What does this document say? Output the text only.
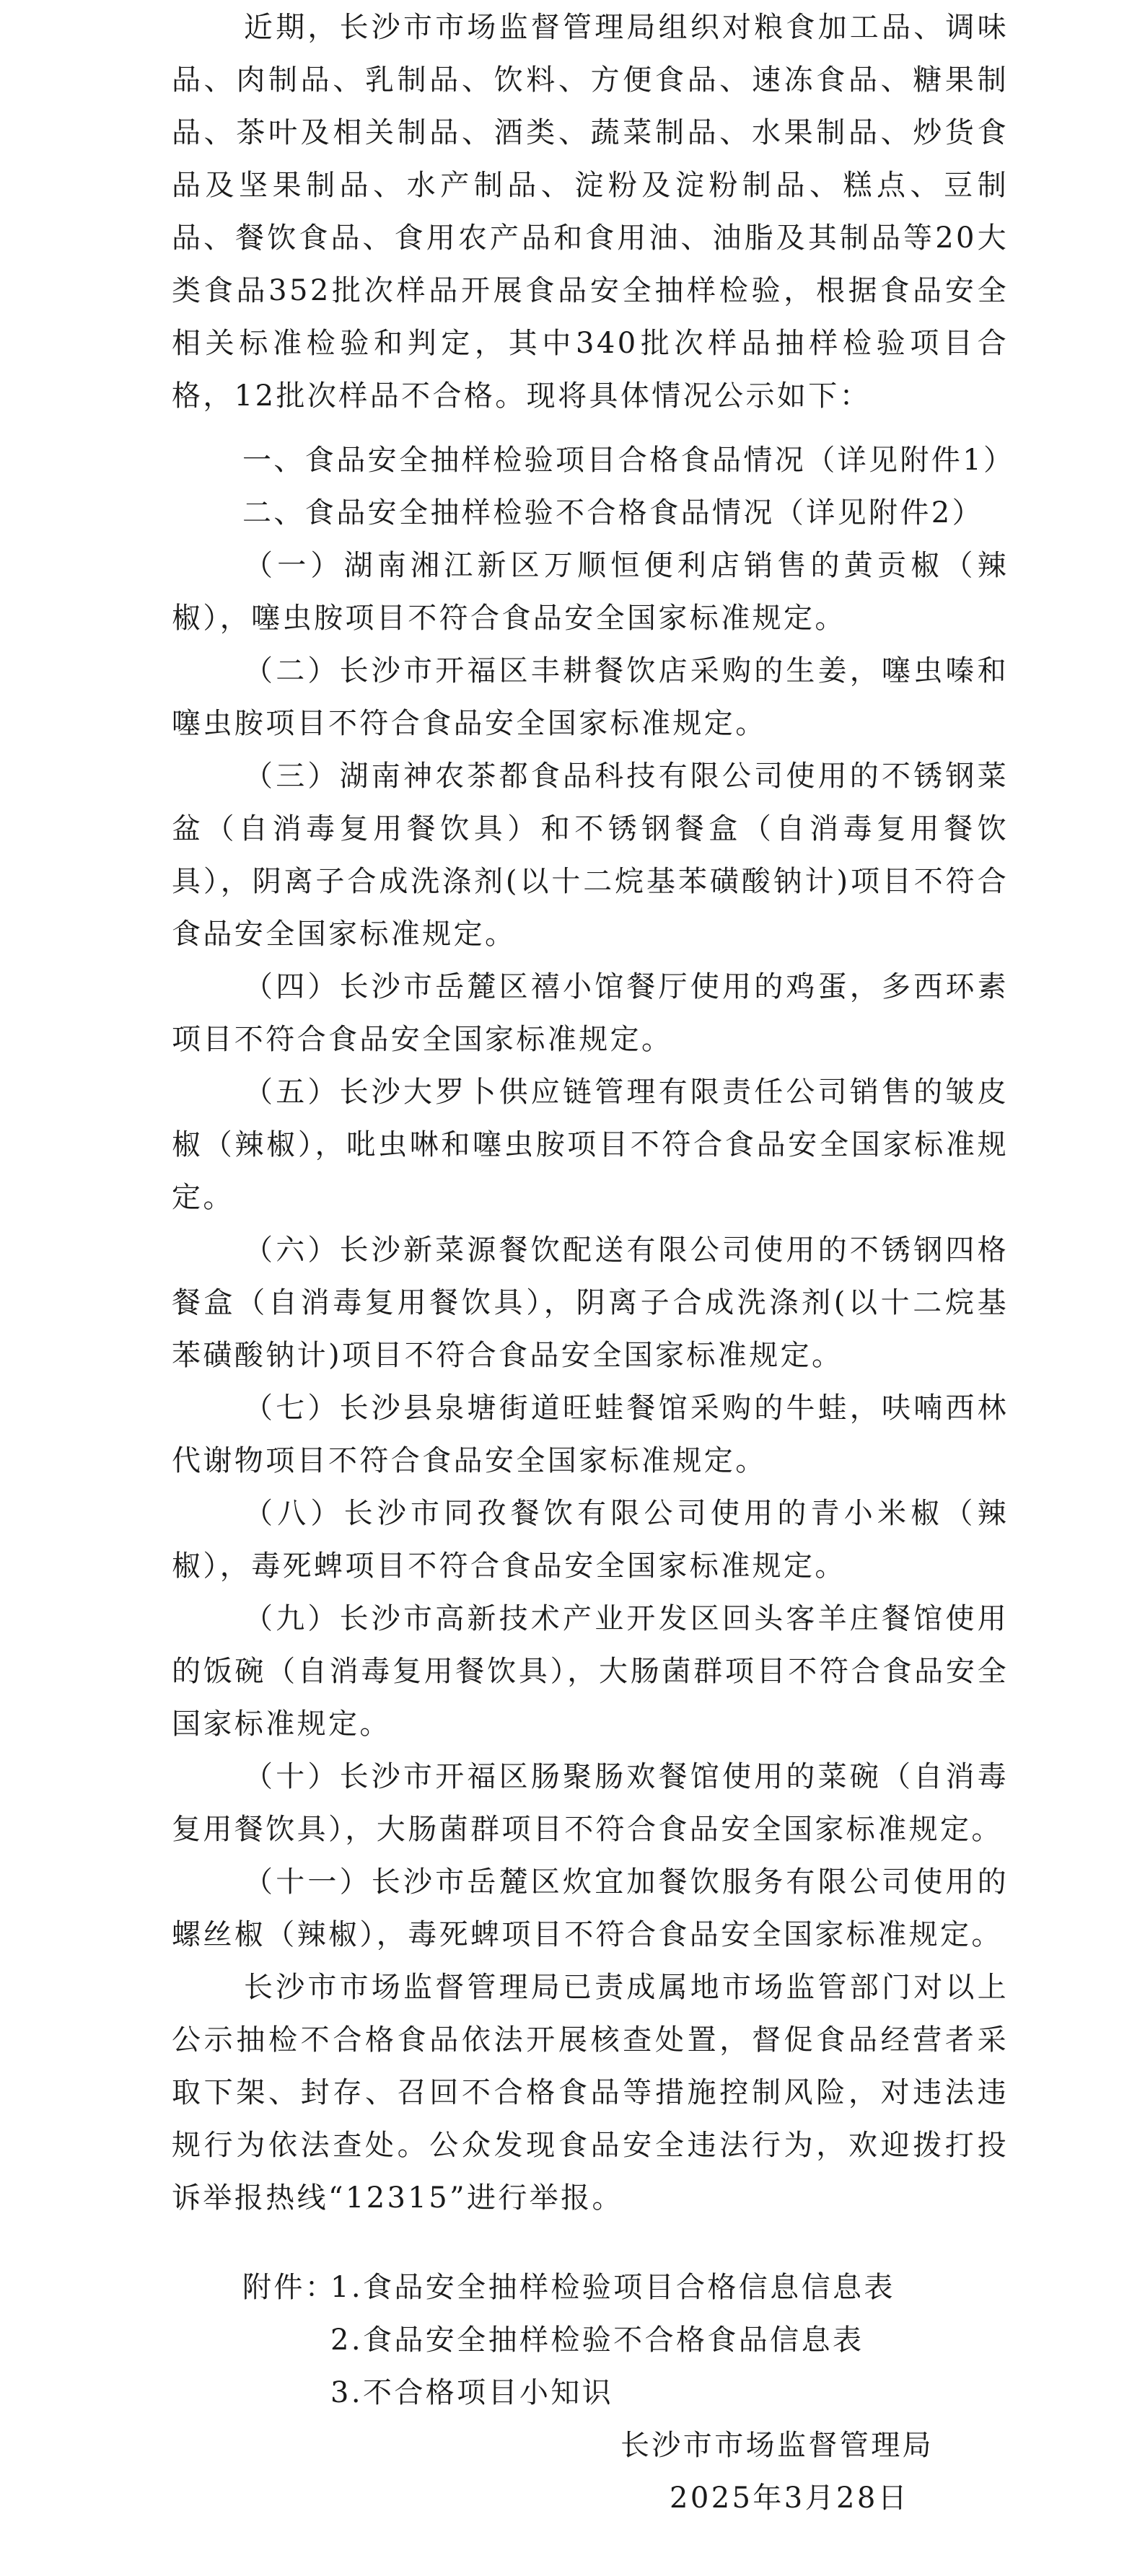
近期，长沙市市场监督管理局组织对粮食加工品、调味品、肉制品、乳制品、饮料、方便食品、速冻食品、糖果制品、茶叶及相关制品、酒类、蔬菜制品、水果制品、炒货食品及坚果制品、水产制品、淀粉及淀粉制品、糕点、豆制品、餐饮食品、食用农产品和食用油、油脂及其制品等20大类食品352批次样品开展食品安全抽样检验，根据食品安全相关标准检验和判定，其中340批次样品抽样检验项目合格，12批次样品不合格。现将具体情况公示如下：

一、食品安全抽样检验项目合格食品情况（详见附件1）

二、食品安全抽样检验不合格食品情况（详见附件2）

（一）湖南湘江新区万顺恒便利店销售的黄贡椒（辣椒），噻虫胺项目不符合食品安全国家标准规定。

（二）长沙市开福区丰耕餐饮店采购的生姜，噻虫嗪和噻虫胺项目不符合食品安全国家标准规定。

（三）湖南神农茶都食品科技有限公司使用的不锈钢菜盆（自消毒复用餐饮具）和不锈钢餐盒（自消毒复用餐饮具），阴离子合成洗涤剂(以十二烷基苯磺酸钠计)项目不符合食品安全国家标准规定。

（四）长沙市岳麓区禧小馆餐厅使用的鸡蛋，多西环素项目不符合食品安全国家标准规定。

（五）长沙大罗卜供应链管理有限责任公司销售的皱皮椒（辣椒），吡虫啉和噻虫胺项目不符合食品安全国家标准规定。

（六）长沙新菜源餐饮配送有限公司使用的不锈钢四格餐盒（自消毒复用餐饮具），阴离子合成洗涤剂(以十二烷基苯磺酸钠计)项目不符合食品安全国家标准规定。

（七）长沙县泉塘街道旺蛙餐馆采购的牛蛙，呋喃西林代谢物项目不符合食品安全国家标准规定。

（八）长沙市同孜餐饮有限公司使用的青小米椒（辣椒），毒死蜱项目不符合食品安全国家标准规定。

（九）长沙市高新技术产业开发区回头客羊庄餐馆使用的饭碗（自消毒复用餐饮具），大肠菌群项目不符合食品安全国家标准规定。

（十）长沙市开福区肠聚肠欢餐馆使用的菜碗（自消毒复用餐饮具），大肠菌群项目不符合食品安全国家标准规定。

（十一）长沙市岳麓区炊宜加餐饮服务有限公司使用的螺丝椒（辣椒），毒死蜱项目不符合食品安全国家标准规定。

长沙市市场监督管理局已责成属地市场监管部门对以上公示抽检不合格食品依法开展核查处置，督促食品经营者采取下架、封存、召回不合格食品等措施控制风险，对违法违规行为依法查处。公众发现食品安全违法行为，欢迎拨打投诉举报热线“12315”进行举报。

附件：

1.食品安全抽样检验项目合格信息信息表

2.食品安全抽样检验不合格食品信息表

3.不合格项目小知识

长沙市市场监督管理局

2025年3月28日
